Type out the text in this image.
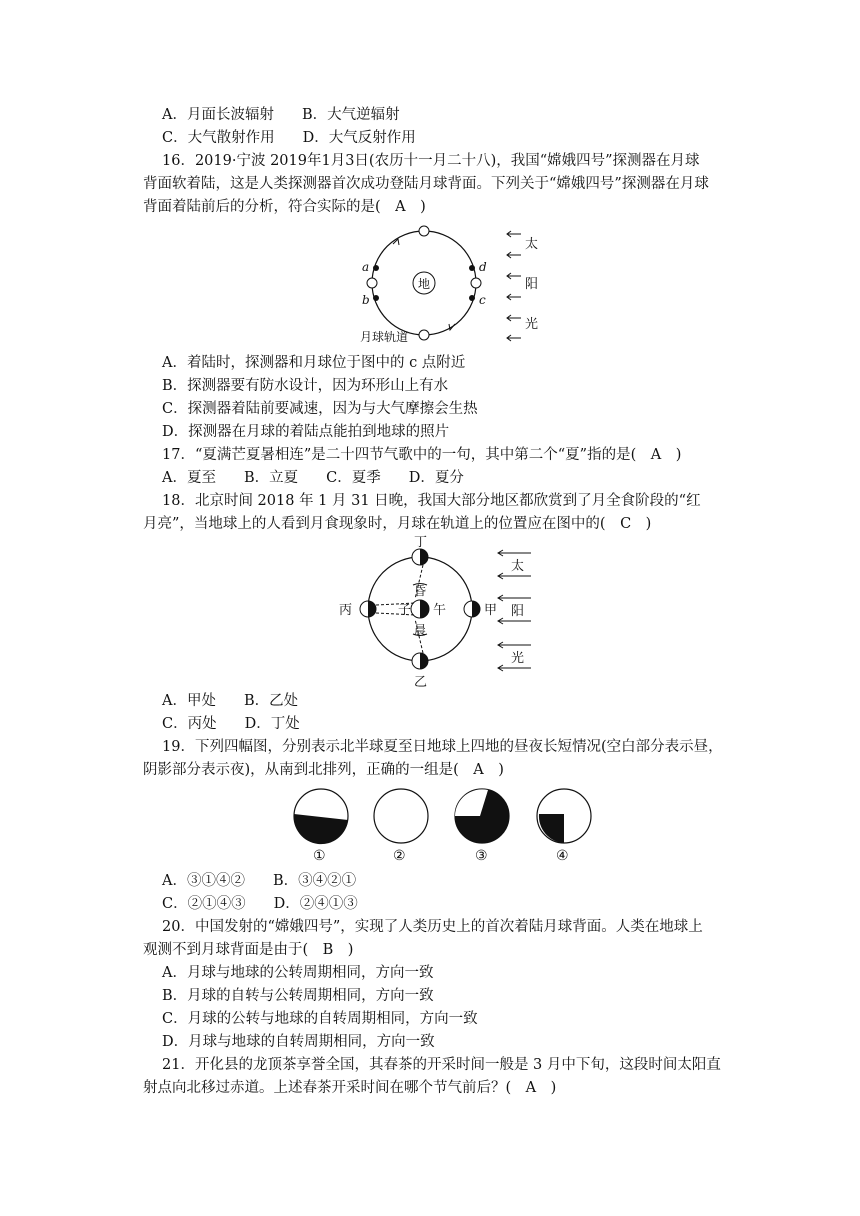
A．月面长波辐射 B．大气逆辐射
C．大气散射作用 D．大气反射作用
16．2019·宁波 2019年1月3日(农历十一月二十八)，我国“嫦娥四号”探测器在月球
背面软着陆，这是人类探测器首次成功登陆月球背面。下列关于“嫦娥四号”探测器在月球
背面着陆前后的分析，符合实际的是(　A　)
地
a
b	c
d
月球轨道
太
阳
光
A．着陆时，探测器和月球位于图中的 c 点附近
B．探测器要有防水设计，因为环形山上有水
C．探测器着陆前要减速，因为与大气摩擦会生热
D．探测器在月球的着陆点能拍到地球的照片
17．“夏满芒夏暑相连”是二十四节气歌中的一句，其中第二个“夏”指的是(　A　)
A．夏至 B．立夏 C．夏季 D．夏分
18．北京时间 2018 年 1 月 31 日晚，我国大部分地区都欣赏到了月全食阶段的“红
月亮”，当地球上的人看到月食现象时，月球在轨道上的位置应在图中的(　C　)
丁
乙
丙	甲
子 午
昏
晨
太
阳
光
A．甲处 B．乙处
C．丙处 D．丁处
19．下列四幅图，分别表示北半球夏至日地球上四地的昼夜长短情况(空白部分表示昼，
阴影部分表示夜)，从南到北排列，正确的一组是(　A　)
①	②	③	④
A．③①④② B．③④②①
C．②①④③ D．②④①③
20．中国发射的“嫦娥四号”，实现了人类历史上的首次着陆月球背面。人类在地球上
观测不到月球背面是由于(　B　)
A．月球与地球的公转周期相同，方向一致
B．月球的自转与公转周期相同，方向一致
C．月球的公转与地球的自转周期相同，方向一致
D．月球与地球的自转周期相同，方向一致
21．开化县的龙顶茶享誉全国，其春茶的开采时间一般是 3 月中下旬，这段时间太阳直
射点向北移过赤道。上述春茶开采时间在哪个节气前后？(　A　)
